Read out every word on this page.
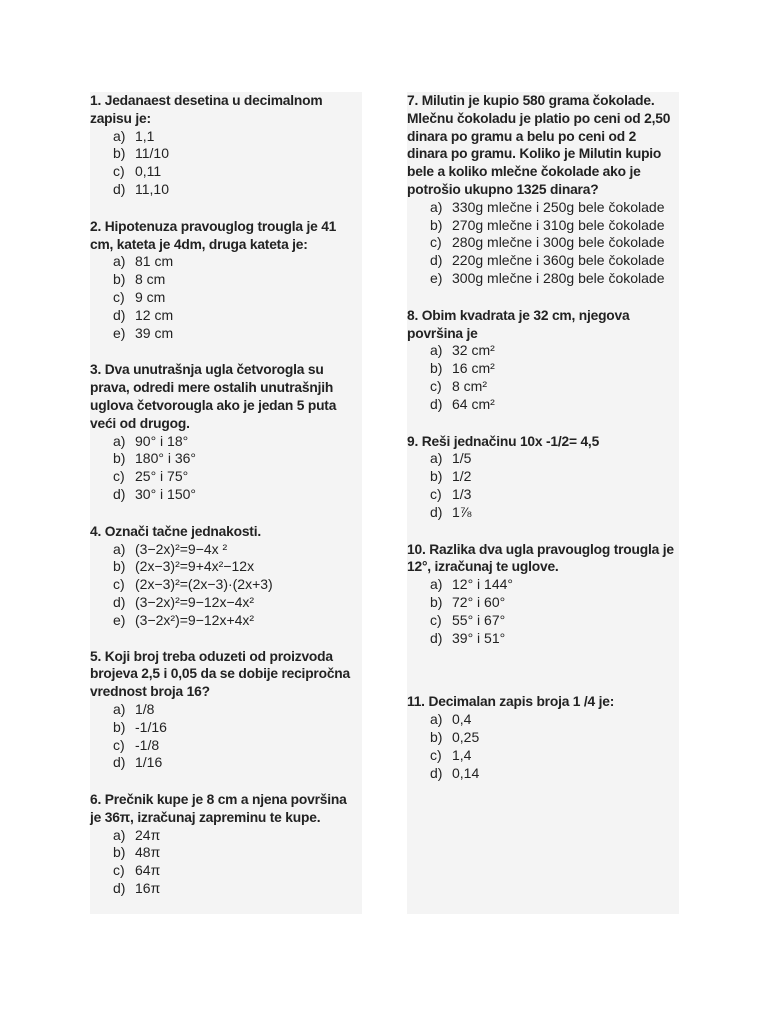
1. Jedanaest desetina u decimalnom zapisu je:

a) 1,1
b) 11/10
c) 0,11
d) 11,10

2. Hipotenuza pravouglog trougla je 41 cm, kateta je 4dm, druga kateta je:

a) 81 cm
b) 8 cm
c) 9 cm
d) 12 cm
e) 39 cm

3. Dva unutrašnja ugla četvorogla su prava, odredi mere ostalih unutrašnjih uglova četvorougla ako je jedan 5 puta veći od drugog.

a) 90° i 18°
b) 180° i 36°
c) 25° i 75°
d) 30° i 150°

4. Označi tačne jednakosti.

a) (3−2x)²=9−4x ²
b) (2x−3)²=9+4x²−12x
c) (2x−3)²=(2x−3)·(2x+3)
d) (3−2x)²=9−12x−4x²
e) (3−2x²)=9−12x+4x²

5. Koji broj treba oduzeti od proizvoda brojeva 2,5 i 0,05 da se dobije recipročna vrednost broja 16?

a) 1/8
b) -1/16
c) -1/8
d) 1/16

6. Prečnik kupe je 8 cm a njena površina je 36π, izračunaj zapreminu te kupe.

a) 24π
b) 48π
c) 64π
d) 16π

7. Milutin je kupio 580 grama čokolade. Mlečnu čokoladu je platio po ceni od 2,50 dinara po gramu a belu po ceni od 2 dinara po gramu. Koliko je Milutin kupio bele a koliko mlečne čokolade ako je potrošio ukupno 1325 dinara?

a) 330g mlečne i 250g bele čokolade
b) 270g mlečne i 310g bele čokolade
c) 280g mlečne i 300g bele čokolade
d) 220g mlečne i 360g bele čokolade
e) 300g mlečne i 280g bele čokolade

8. Obim kvadrata je 32 cm, njegova površina je

a) 32 cm²
b) 16 cm²
c) 8 cm²
d) 64 cm²

9. Reši jednačinu 10x -1/2= 4,5

a) 1/5
b) 1/2
c) 1/3
d) 1⅞

10. Razlika dva ugla pravouglog trougla je 12°, izračunaj te uglove.

a) 12° i 144°
b) 72° i 60°
c) 55° i 67°
d) 39° i 51°

11. Decimalan zapis broja 1 /4 je:

a) 0,4
b) 0,25
c) 1,4
d) 0,14
